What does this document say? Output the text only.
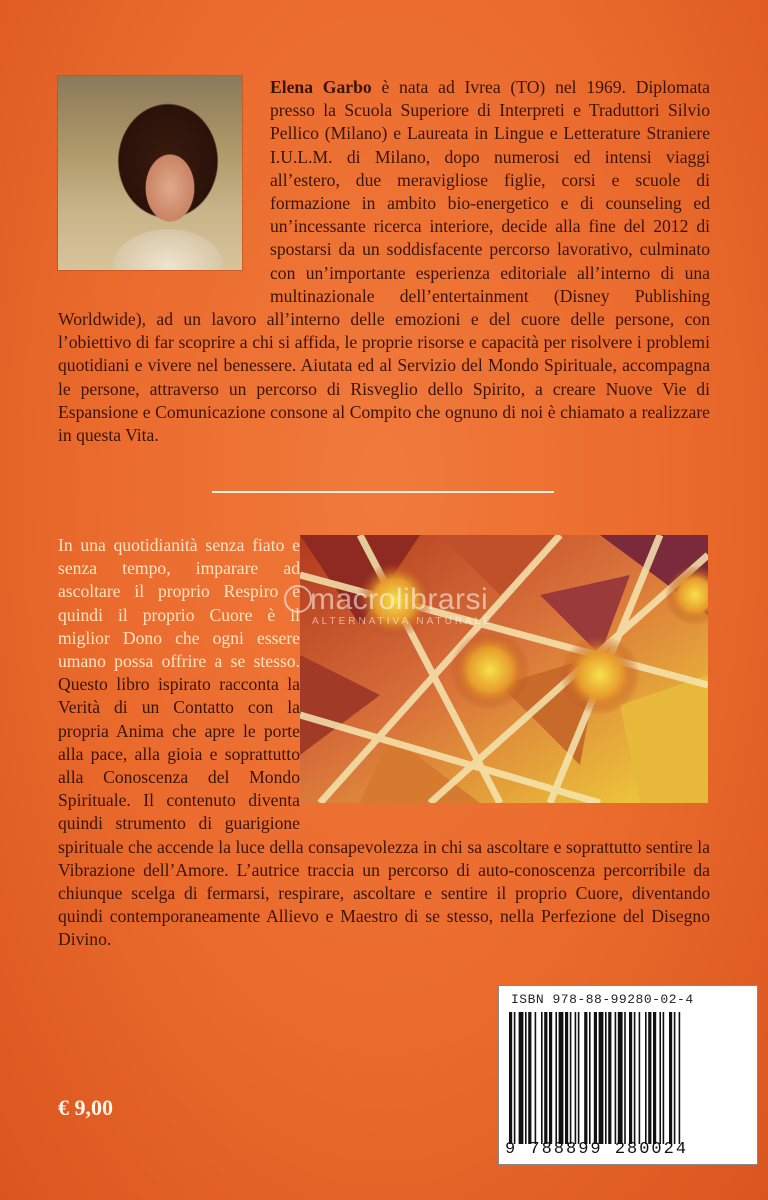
Elena Garbo è nata ad Ivrea (TO) nel 1969. Diplomata presso la Scuola Superiore di Interpreti e Traduttori Silvio Pellico (Milano) e Laureata in Lingue e Letterature Straniere I.U.L.M. di Milano, dopo numerosi ed intensi viaggi all’estero, due meravigliose figlie, corsi e scuole di formazione in ambito bio-energetico e di counseling ed un’incessante ricerca interiore, decide alla fine del 2012 di spostarsi da un soddisfacente percorso lavorativo, culminato con un’importante esperienza editoriale all’interno di una multinazionale dell’entertainment (Disney Publishing Worldwide), ad un lavoro all’interno delle emozioni e del cuore delle persone, con l’obiettivo di far scoprire a chi si affida, le proprie risorse e capacità per risolvere i problemi quotidiani e vivere nel benessere. Aiutata ed al Servizio del Mondo Spirituale, accompagna le persone, attraverso un percorso di Risveglio dello Spirito, a creare Nuove Vie di Espansione e Comunicazione consone al Compito che ognuno di noi è chiamato a realizzare in questa Vita.
macrolibrarsi
ALTERNATIVA NATURALE
In una quotidianità senza fiato e senza tempo, imparare ad ascoltare il proprio Respiro e quindi il proprio Cuore è il miglior Dono che ogni essere umano possa offrire a se stesso. Questo libro ispirato racconta la Verità di un Contatto con la propria Anima che apre le porte alla pace, alla gioia e soprattutto alla Conoscenza del Mondo Spirituale. Il contenuto diventa quindi strumento di guarigione spirituale che accende la luce della consapevolezza in chi sa ascoltare e soprattutto sentire la Vibrazione dell’Amore. L’autrice traccia un percorso di auto-conoscenza percorribile da chiunque scelga di fermarsi, respirare, ascoltare e sentire il proprio Cuore, diventando quindi contemporaneamente Allievo e Maestro di se stesso, nella Perfezione del Disegno Divino.
ISBN 978-88-99280-02-4
9 788899 280024
€ 9,00
